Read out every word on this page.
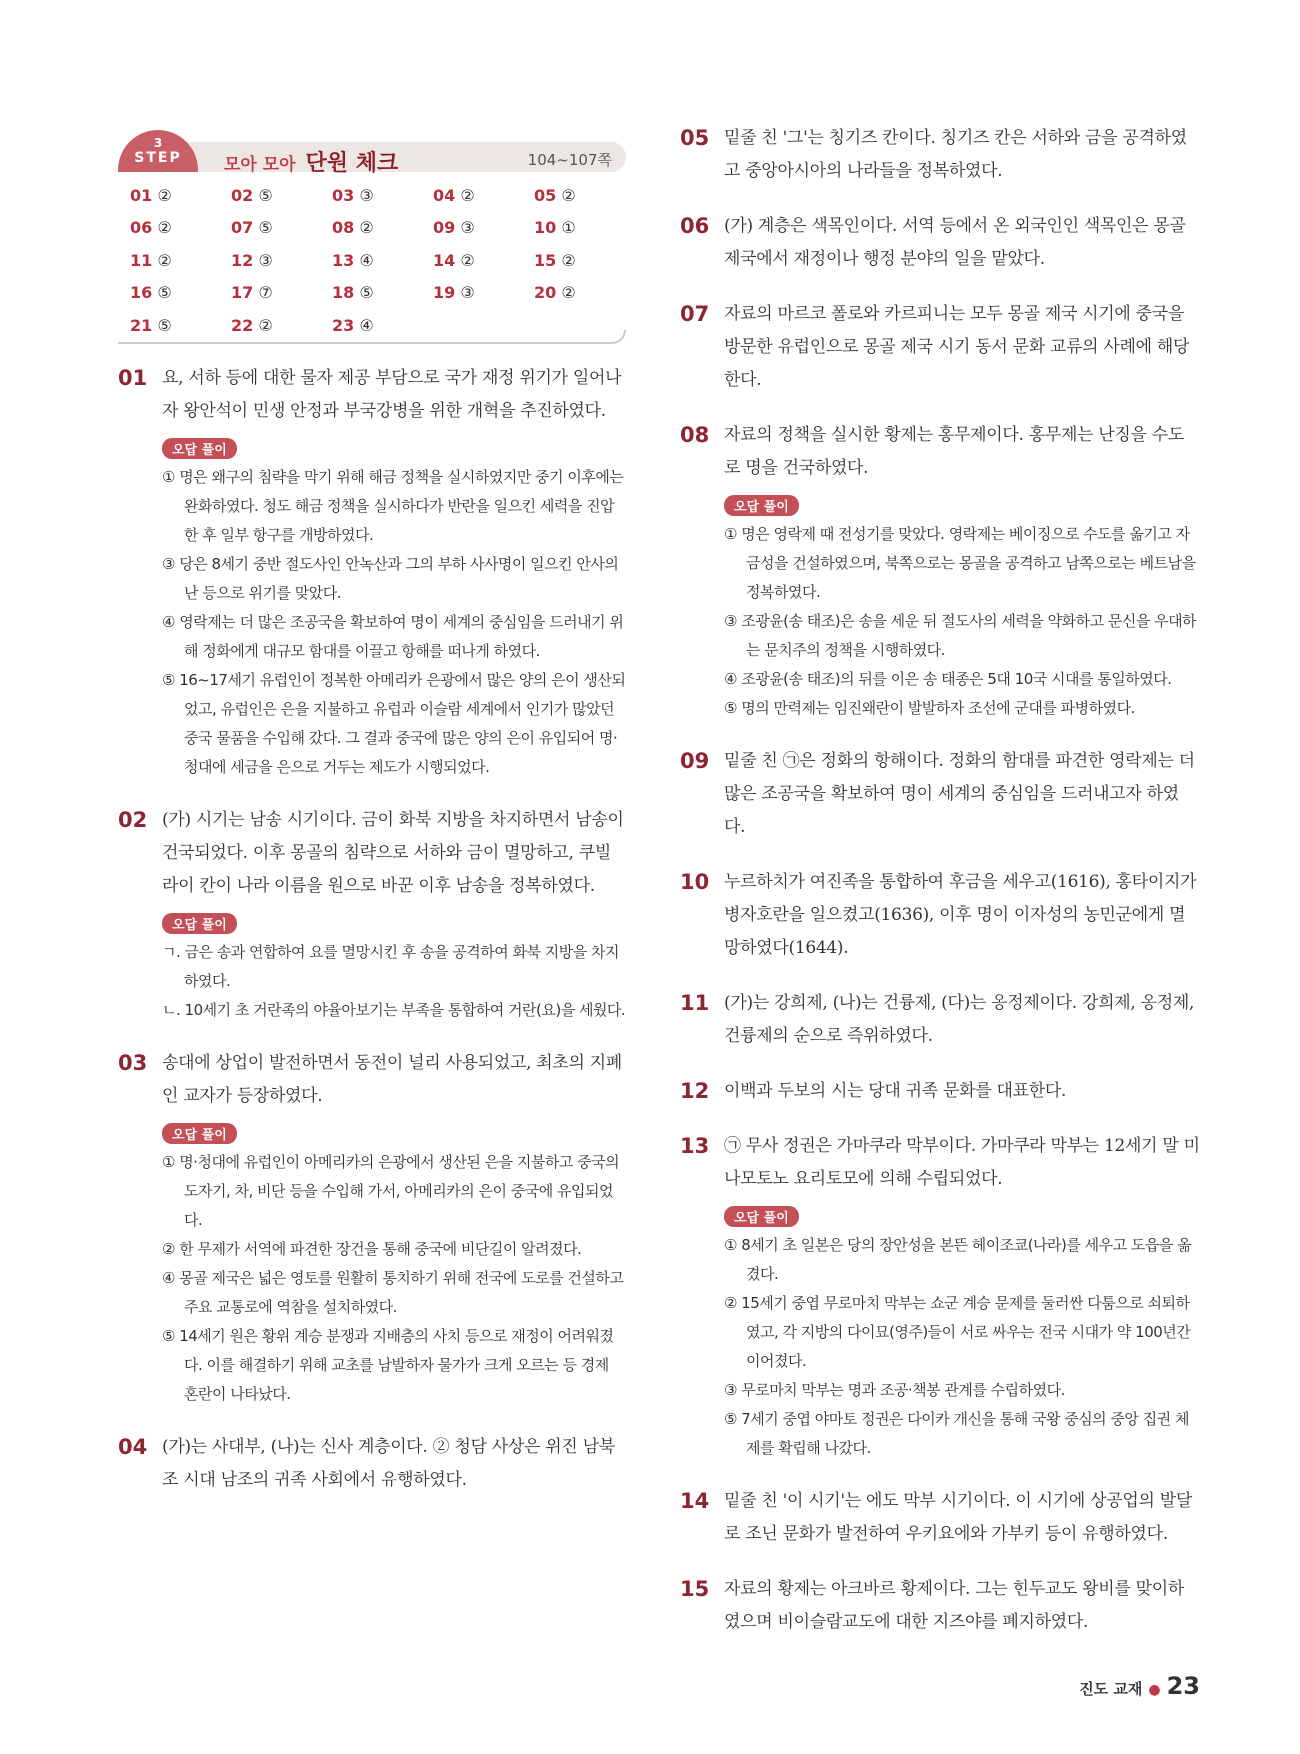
3
STEP	모아 모아 단원 체크	104~107쪽
01 ②	02 ⑤	03 ③	04 ②	05 ②
06 ②	07 ⑤	08 ②	09 ③	10 ①
11 ②	12 ③	13 ④	14 ②	15 ②
16 ⑤	17 ⑦	18 ⑤	19 ③	20 ②
21 ⑤	22 ②	23 ④
01 요, 서하 등에 대한 물자 제공 부담으로 국가 재정 위기가 일어나자 왕안석이 민생 안정과 부국강병을 위한 개혁을 추진하였다.
오답 풀이
① 명은 왜구의 침략을 막기 위해 해금 정책을 실시하였지만 중기 이후에는 완화하였다. 청도 해금 정책을 실시하다가 반란을 일으킨 세력을 진압한 후 일부 항구를 개방하였다.
③ 당은 8세기 중반 절도사인 안녹산과 그의 부하 사사명이 일으킨 안사의 난 등으로 위기를 맞았다.
④ 영락제는 더 많은 조공국을 확보하여 명이 세계의 중심임을 드러내기 위해 정화에게 대규모 함대를 이끌고 항해를 떠나게 하였다.
⑤ 16~17세기 유럽인이 정복한 아메리카 은광에서 많은 양의 은이 생산되었고, 유럽인은 은을 지불하고 유럽과 이슬람 세계에서 인기가 많았던 중국 물품을 수입해 갔다. 그 결과 중국에 많은 양의 은이 유입되어 명·청대에 세금을 은으로 거두는 제도가 시행되었다.
02 (가) 시기는 남송 시기이다. 금이 화북 지방을 차지하면서 남송이 건국되었다. 이후 몽골의 침략으로 서하와 금이 멸망하고, 쿠빌라이 칸이 나라 이름을 원으로 바꾼 이후 남송을 정복하였다.
오답 풀이
ㄱ. 금은 송과 연합하여 요를 멸망시킨 후 송을 공격하여 화북 지방을 차지하였다.
ㄴ. 10세기 초 거란족의 야율아보기는 부족을 통합하여 거란(요)을 세웠다.
03 송대에 상업이 발전하면서 동전이 널리 사용되었고, 최초의 지폐인 교자가 등장하였다.
오답 풀이
① 명·청대에 유럽인이 아메리카의 은광에서 생산된 은을 지불하고 중국의 도자기, 차, 비단 등을 수입해 가서, 아메리카의 은이 중국에 유입되었다.
② 한 무제가 서역에 파견한 장건을 통해 중국에 비단길이 알려졌다.
④ 몽골 제국은 넓은 영토를 원활히 통치하기 위해 전국에 도로를 건설하고 주요 교통로에 역참을 설치하였다.
⑤ 14세기 원은 황위 계승 분쟁과 지배층의 사치 등으로 재정이 어려워졌다. 이를 해결하기 위해 교초를 남발하자 물가가 크게 오르는 등 경제 혼란이 나타났다.
04 (가)는 사대부, (나)는 신사 계층이다. ② 청담 사상은 위진 남북조 시대 남조의 귀족 사회에서 유행하였다.
05 밑줄 친 '그'는 칭기즈 칸이다. 칭기즈 칸은 서하와 금을 공격하였고 중앙아시아의 나라들을 정복하였다.
06 (가) 계층은 색목인이다. 서역 등에서 온 외국인인 색목인은 몽골 제국에서 재정이나 행정 분야의 일을 맡았다.
07 자료의 마르코 폴로와 카르피니는 모두 몽골 제국 시기에 중국을 방문한 유럽인으로 몽골 제국 시기 동서 문화 교류의 사례에 해당한다.
08 자료의 정책을 실시한 황제는 홍무제이다. 홍무제는 난징을 수도로 명을 건국하였다.
오답 풀이
① 명은 영락제 때 전성기를 맞았다. 영락제는 베이징으로 수도를 옮기고 자금성을 건설하였으며, 북쪽으로는 몽골을 공격하고 남쪽으로는 베트남을 정복하였다.
③ 조광윤(송 태조)은 송을 세운 뒤 절도사의 세력을 약화하고 문신을 우대하는 문치주의 정책을 시행하였다.
④ 조광윤(송 태조)의 뒤를 이은 송 태종은 5대 10국 시대를 통일하였다.
⑤ 명의 만력제는 임진왜란이 발발하자 조선에 군대를 파병하였다.
09 밑줄 친 ㉠은 정화의 항해이다. 정화의 함대를 파견한 영락제는 더 많은 조공국을 확보하여 명이 세계의 중심임을 드러내고자 하였다.
10 누르하치가 여진족을 통합하여 후금을 세우고(1616), 홍타이지가 병자호란을 일으켰고(1636), 이후 명이 이자성의 농민군에게 멸망하였다(1644).
11 (가)는 강희제, (나)는 건륭제, (다)는 옹정제이다. 강희제, 옹정제, 건륭제의 순으로 즉위하였다.
12 이백과 두보의 시는 당대 귀족 문화를 대표한다.
13 ㉠ 무사 정권은 가마쿠라 막부이다. 가마쿠라 막부는 12세기 말 미나모토노 요리토모에 의해 수립되었다.
오답 풀이
① 8세기 초 일본은 당의 장안성을 본뜬 헤이조쿄(나라)를 세우고 도읍을 옮겼다.
② 15세기 중엽 무로마치 막부는 쇼군 계승 문제를 둘러싼 다툼으로 쇠퇴하였고, 각 지방의 다이묘(영주)들이 서로 싸우는 전국 시대가 약 100년간 이어졌다.
③ 무로마치 막부는 명과 조공·책봉 관계를 수립하였다.
⑤ 7세기 중엽 야마토 정권은 다이카 개신을 통해 국왕 중심의 중앙 집권 체제를 확립해 나갔다.
14 밑줄 친 '이 시기'는 에도 막부 시기이다. 이 시기에 상공업의 발달로 조닌 문화가 발전하여 우키요에와 가부키 등이 유행하였다.
15 자료의 황제는 아크바르 황제이다. 그는 힌두교도 왕비를 맞이하였으며 비이슬람교도에 대한 지즈야를 폐지하였다.
진도 교재 ● 23
